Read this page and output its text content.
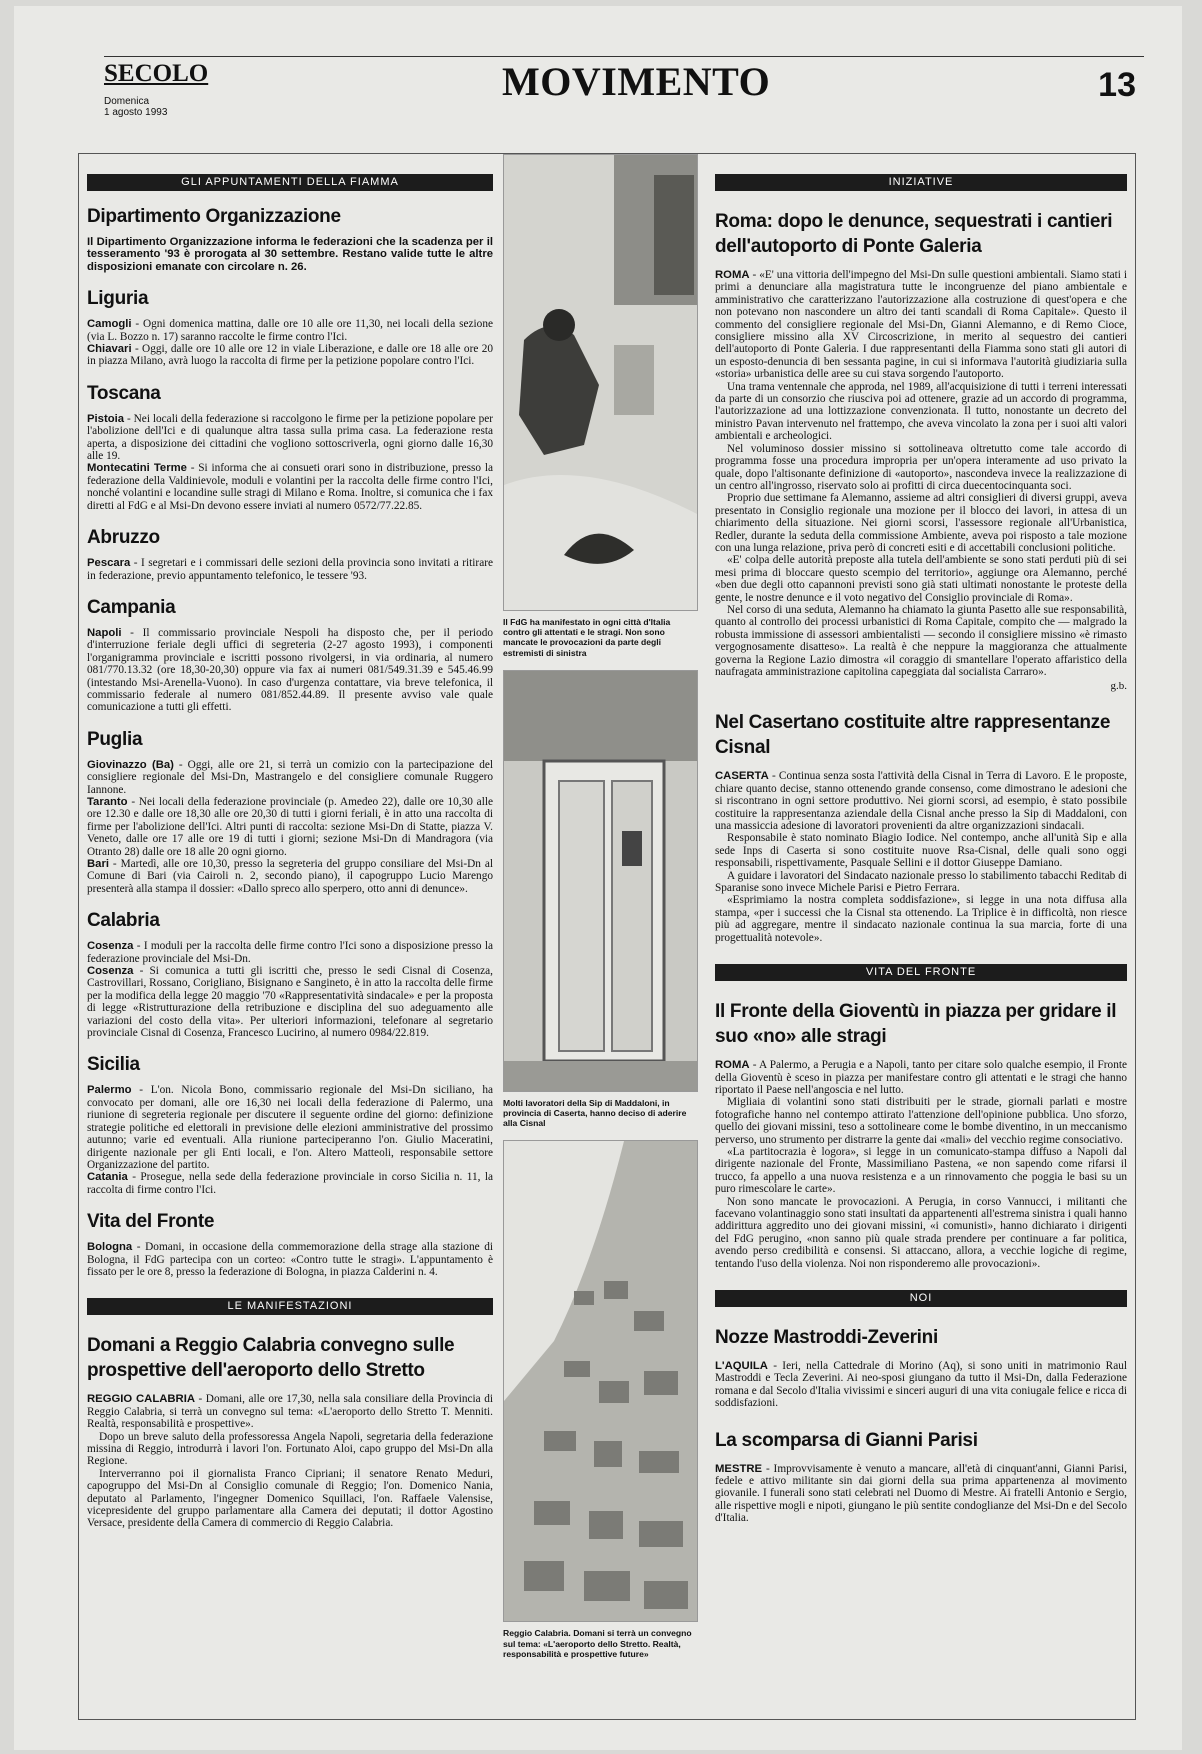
SECOLO
Domenica
1 agosto 1993
MOVIMENTO	13
GLI APPUNTAMENTI DELLA FIAMMA
Dipartimento Organizzazione

Il Dipartimento Organizzazione informa le federazioni che la scadenza per il tesseramento '93 è prorogata al 30 settembre. Restano valide tutte le altre disposizioni emanate con circolare n. 26.

Liguria

Camogli - Ogni domenica mattina, dalle ore 10 alle ore 11,30, nei locali della sezione (via L. Bozzo n. 17) saranno raccolte le firme contro l'Ici.

Chiavari - Oggi, dalle ore 10 alle ore 12 in viale Liberazione, e dalle ore 18 alle ore 20 in piazza Milano, avrà luogo la raccolta di firme per la petizione popolare contro l'Ici.

Toscana

Pistoia - Nei locali della federazione si raccolgono le firme per la petizione popolare per l'abolizione dell'Ici e di qualunque altra tassa sulla prima casa. La federazione resta aperta, a disposizione dei cittadini che vogliono sottoscriverla, ogni giorno dalle 16,30 alle 19.

Montecatini Terme - Si informa che ai consueti orari sono in distribuzione, presso la federazione della Valdinievole, moduli e volantini per la raccolta delle firme contro l'Ici, nonché volantini e locandine sulle stragi di Milano e Roma. Inoltre, si comunica che i fax diretti al FdG e al Msi-Dn devono essere inviati al numero 0572/77.22.85.

Abruzzo

Pescara - I segretari e i commissari delle sezioni della provincia sono invitati a ritirare in federazione, previo appuntamento telefonico, le tessere '93.

Campania

Napoli - Il commissario provinciale Nespoli ha disposto che, per il periodo d'interruzione feriale degli uffici di segreteria (2-27 agosto 1993), i componenti l'organigramma provinciale e iscritti possono rivolgersi, in via ordinaria, al numero 081/770.13.32 (ore 18,30-20,30) oppure via fax ai numeri 081/549.31.39 e 545.46.99 (intestando Msi-Arenella-Vuono). In caso d'urgenza contattare, via breve telefonica, il commissario federale al numero 081/852.44.89. Il presente avviso vale quale comunicazione a tutti gli effetti.

Puglia

Giovinazzo (Ba) - Oggi, alle ore 21, si terrà un comizio con la partecipazione del consigliere regionale del Msi-Dn, Mastrangelo e del consigliere comunale Ruggero Iannone.

Taranto - Nei locali della federazione provinciale (p. Amedeo 22), dalle ore 10,30 alle ore 12.30 e dalle ore 18,30 alle ore 20,30 di tutti i giorni feriali, è in atto una raccolta di firme per l'abolizione dell'Ici. Altri punti di raccolta: sezione Msi-Dn di Statte, piazza V. Veneto, dalle ore 17 alle ore 19 di tutti i giorni; sezione Msi-Dn di Mandragora (via Otranto 28) dalle ore 18 alle 20 ogni giorno.

Bari - Martedì, alle ore 10,30, presso la segreteria del gruppo consiliare del Msi-Dn al Comune di Bari (via Cairoli n. 2, secondo piano), il capogruppo Lucio Marengo presenterà alla stampa il dossier: «Dallo spreco allo sperpero, otto anni di denunce».

Calabria

Cosenza - I moduli per la raccolta delle firme contro l'Ici sono a disposizione presso la federazione provinciale del Msi-Dn.

Cosenza - Si comunica a tutti gli iscritti che, presso le sedi Cisnal di Cosenza, Castrovillari, Rossano, Corigliano, Bisignano e Sangineto, è in atto la raccolta delle firme per la modifica della legge 20 maggio '70 «Rappresentatività sindacale» e per la proposta di legge «Ristrutturazione della retribuzione e disciplina del suo adeguamento alle variazioni del costo della vita». Per ulteriori informazioni, telefonare al segretario provinciale Cisnal di Cosenza, Francesco Lucirino, al numero 0984/22.819.

Sicilia

Palermo - L'on. Nicola Bono, commissario regionale del Msi-Dn siciliano, ha convocato per domani, alle ore 16,30 nei locali della federazione di Palermo, una riunione di segreteria regionale per discutere il seguente ordine del giorno: definizione strategie politiche ed elettorali in previsione delle elezioni amministrative del prossimo autunno; varie ed eventuali. Alla riunione parteciperanno l'on. Giulio Maceratini, dirigente nazionale per gli Enti locali, e l'on. Altero Matteoli, responsabile settore Organizzazione del partito.

Catania - Prosegue, nella sede della federazione provinciale in corso Sicilia n. 11, la raccolta di firme contro l'Ici.

Vita del Fronte

Bologna - Domani, in occasione della commemorazione della strage alla stazione di Bologna, il FdG partecipa con un corteo: «Contro tutte le stragi». L'appuntamento è fissato per le ore 8, presso la federazione di Bologna, in piazza Calderini n. 4.

LE MANIFESTAZIONI
Domani a Reggio Calabria convegno sulle prospettive dell'aeroporto dello Stretto

REGGIO CALABRIA - Domani, alle ore 17,30, nella sala consiliare della Provincia di Reggio Calabria, si terrà un convegno sul tema: «L'aeroporto dello Stretto T. Menniti. Realtà, responsabilità e prospettive».

Dopo un breve saluto della professoressa Angela Napoli, segretaria della federazione missina di Reggio, introdurrà i lavori l'on. Fortunato Aloi, capo gruppo del Msi-Dn alla Regione.

Interverranno poi il giornalista Franco Cipriani; il senatore Renato Meduri, capogruppo del Msi-Dn al Consiglio comunale di Reggio; l'on. Domenico Nania, deputato al Parlamento, l'ingegner Domenico Squillaci, l'on. Raffaele Valensise, vicepresidente del gruppo parlamentare alla Camera dei deputati; il dottor Agostino Versace, presidente della Camera di commercio di Reggio Calabria.

Il FdG ha manifestato in ogni città d'Italia contro gli attentati e le stragi. Non sono mancate le provocazioni da parte degli estremisti di sinistra
Molti lavoratori della Sip di Maddaloni, in provincia di Caserta, hanno deciso di aderire alla Cisnal
Reggio Calabria. Domani si terrà un convegno sul tema: «L'aeroporto dello Stretto. Realtà, responsabilità e prospettive future»
INIZIATIVE
Roma: dopo le denunce, sequestrati i cantieri dell'autoporto di Ponte Galeria

ROMA - «E' una vittoria dell'impegno del Msi-Dn sulle questioni ambientali. Siamo stati i primi a denunciare alla magistratura tutte le incongruenze del piano ambientale e amministrativo che caratterizzano l'autorizzazione alla costruzione di quest'opera e che non potevano non nascondere un altro dei tanti scandali di Roma Capitale». Questo il commento del consigliere regionale del Msi-Dn, Gianni Alemanno, e di Remo Cioce, consigliere missino alla XV Circoscrizione, in merito al sequestro dei cantieri dell'autoporto di Ponte Galeria. I due rappresentanti della Fiamma sono stati gli autori di un esposto-denuncia di ben sessanta pagine, in cui si informava l'autorità giudiziaria sulla «storia» urbanistica delle aree su cui stava sorgendo l'autoporto.

Una trama ventennale che approda, nel 1989, all'acquisizione di tutti i terreni interessati da parte di un consorzio che riusciva poi ad ottenere, grazie ad un accordo di programma, l'autorizzazione ad una lottizzazione convenzionata. Il tutto, nonostante un decreto del ministro Pavan intervenuto nel frattempo, che aveva vincolato la zona per i suoi alti valori ambientali e archeologici.

Nel voluminoso dossier missino si sottolineava oltretutto come tale accordo di programma fosse una procedura impropria per un'opera interamente ad uso privato la quale, dopo l'altisonante definizione di «autoporto», nascondeva invece la realizzazione di un centro all'ingrosso, riservato solo ai profitti di circa duecentocinquanta soci.

Proprio due settimane fa Alemanno, assieme ad altri consiglieri di diversi gruppi, aveva presentato in Consiglio regionale una mozione per il blocco dei lavori, in attesa di un chiarimento della situazione. Nei giorni scorsi, l'assessore regionale all'Urbanistica, Redler, durante la seduta della commissione Ambiente, aveva poi risposto a tale mozione con una lunga relazione, priva però di concreti esiti e di accettabili conclusioni politiche.

«E' colpa delle autorità preposte alla tutela dell'ambiente se sono stati perduti più di sei mesi prima di bloccare questo scempio del territorio», aggiunge ora Alemanno, perché «ben due degli otto capannoni previsti sono già stati ultimati nonostante le proteste della gente, le nostre denunce e il voto negativo del Consiglio provinciale di Roma».

Nel corso di una seduta, Alemanno ha chiamato la giunta Pasetto alle sue responsabilità, quanto al controllo dei processi urbanistici di Roma Capitale, compito che — malgrado la robusta immissione di assessori ambientalisti — secondo il consigliere missino «è rimasto vergognosamente disatteso». La realtà è che neppure la maggioranza che attualmente governa la Regione Lazio dimostra «il coraggio di smantellare l'operato affaristico della naufragata amministrazione capitolina capeggiata dal socialista Carraro».

g.b.
Nel Casertano costituite altre rappresentanze Cisnal

CASERTA - Continua senza sosta l'attività della Cisnal in Terra di Lavoro. E le proposte, chiare quanto decise, stanno ottenendo grande consenso, come dimostrano le adesioni che si riscontrano in ogni settore produttivo. Nei giorni scorsi, ad esempio, è stato possibile costituire la rappresentanza aziendale della Cisnal anche presso la Sip di Maddaloni, con una massiccia adesione di lavoratori provenienti da altre organizzazioni sindacali.

Responsabile è stato nominato Biagio Iodice. Nel contempo, anche all'unità Sip e alla sede Inps di Caserta si sono costituite nuove Rsa-Cisnal, delle quali sono oggi responsabili, rispettivamente, Pasquale Sellini e il dottor Giuseppe Damiano.

A guidare i lavoratori del Sindacato nazionale presso lo stabilimento tabacchi Reditab di Sparanise sono invece Michele Parisi e Pietro Ferrara.

«Esprimiamo la nostra completa soddisfazione», si legge in una nota diffusa alla stampa, «per i successi che la Cisnal sta ottenendo. La Triplice è in difficoltà, non riesce più ad aggregare, mentre il sindacato nazionale continua la sua marcia, forte di una progettualità notevole».

VITA DEL FRONTE
Il Fronte della Gioventù in piazza per gridare il suo «no» alle stragi

ROMA - A Palermo, a Perugia e a Napoli, tanto per citare solo qualche esempio, il Fronte della Gioventù è sceso in piazza per manifestare contro gli attentati e le stragi che hanno riportato il Paese nell'angoscia e nel lutto.

Migliaia di volantini sono stati distribuiti per le strade, giornali parlati e mostre fotografiche hanno nel contempo attirato l'attenzione dell'opinione pubblica. Uno sforzo, quello dei giovani missini, teso a sottolineare come le bombe diventino, in un meccanismo perverso, uno strumento per distrarre la gente dai «mali» del vecchio regime consociativo.

«La partitocrazia è logora», si legge in un comunicato-stampa diffuso a Napoli dal dirigente nazionale del Fronte, Massimiliano Pastena, «e non sapendo come rifarsi il trucco, fa appello a una nuova resistenza e a un rinnovamento che poggia le basi su un puro rimescolare le carte».

Non sono mancate le provocazioni. A Perugia, in corso Vannucci, i militanti che facevano volantinaggio sono stati insultati da appartenenti all'estrema sinistra i quali hanno addirittura aggredito uno dei giovani missini, «i comunisti», hanno dichiarato i dirigenti del FdG perugino, «non sanno più quale strada prendere per continuare a far politica, avendo perso credibilità e consensi. Si attaccano, allora, a vecchie logiche di regime, tentando l'uso della violenza. Noi non risponderemo alle provocazioni».

NOI
Nozze Mastroddi-Zeverini

L'AQUILA - Ieri, nella Cattedrale di Morino (Aq), si sono uniti in matrimonio Raul Mastroddi e Tecla Zeverini. Ai neo-sposi giungano da tutto il Msi-Dn, dalla Federazione romana e dal Secolo d'Italia vivissimi e sinceri auguri di una vita coniugale felice e ricca di soddisfazioni.

La scomparsa di Gianni Parisi

MESTRE - Improvvisamente è venuto a mancare, all'età di cinquant'anni, Gianni Parisi, fedele e attivo militante sin dai giorni della sua prima appartenenza al movimento giovanile. I funerali sono stati celebrati nel Duomo di Mestre. Ai fratelli Antonio e Sergio, alle rispettive mogli e nipoti, giungano le più sentite condoglianze del Msi-Dn e del Secolo d'Italia.
